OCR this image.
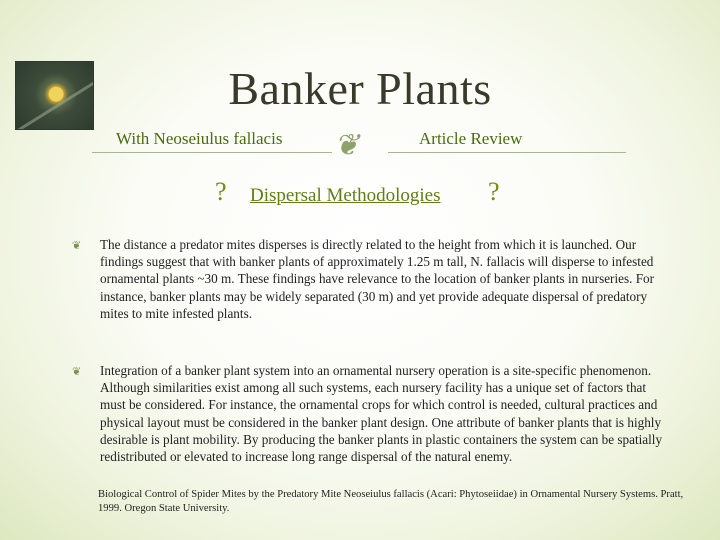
Banker Plants
With Neoseiulus fallacis	Article Review
❦
? Dispersal Methodologies ?
❦ The distance a predator mites disperses is directly related to the height from which it is launched. Our findings suggest that with banker plants of approximately 1.25 m tall, N. fallacis will disperse to infested ornamental plants ~30 m. These findings have relevance to the location of banker plants in nurseries. For instance, banker plants may be widely separated (30 m) and yet provide adequate dispersal of predatory mites to mite infested plants.
❦ Integration of a banker plant system into an ornamental nursery operation is a site-specific phenomenon. Although similarities exist among all such systems, each nursery facility has a unique set of factors that must be considered. For instance, the ornamental crops for which control is needed, cultural practices and physical layout must be considered in the banker plant design. One attribute of banker plants that is highly desirable is plant mobility. By producing the banker plants in plastic containers the system can be spatially redistributed or elevated to increase long range dispersal of the natural enemy.
Biological Control of Spider Mites by the Predatory Mite Neoseiulus fallacis (Acari: Phytoseiidae) in Ornamental Nursery Systems. Pratt, 1999. Oregon State University.
